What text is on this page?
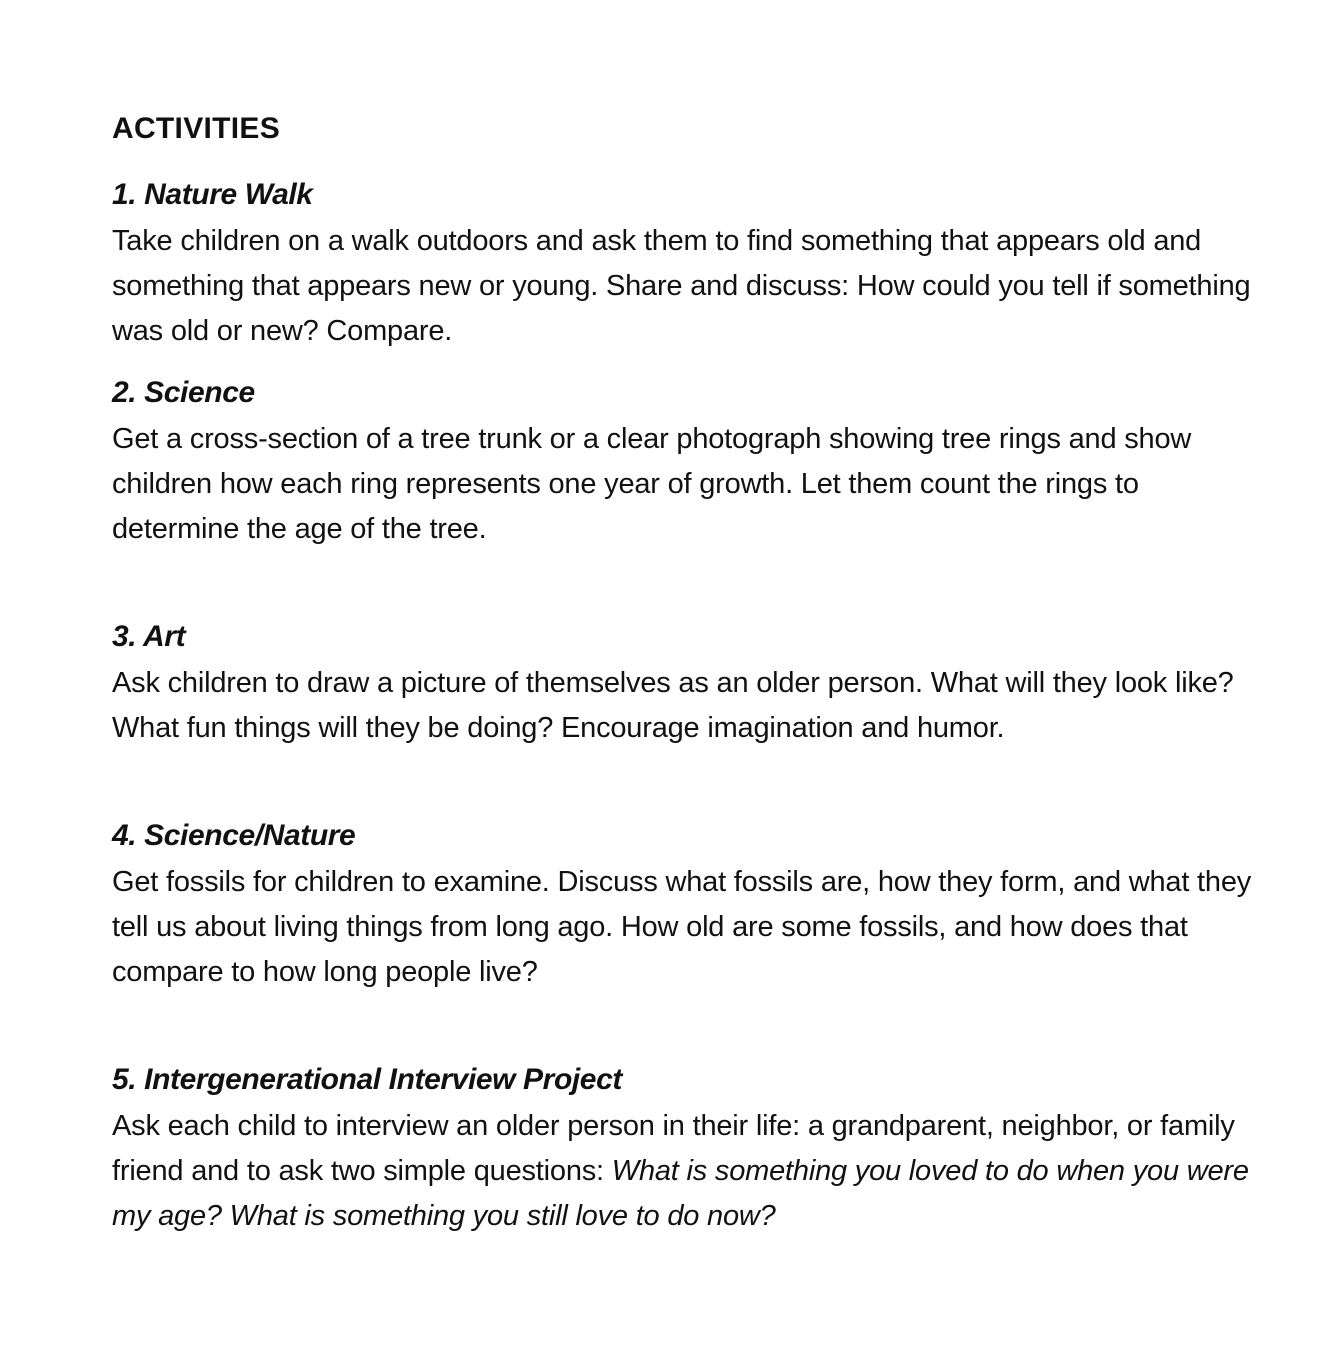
ACTIVITIES
1. Nature Walk

Take children on a walk outdoors and ask them to find something that appears old and something that appears new or young. Share and discuss: How could you tell if something was old or new? Compare.

2. Science

Get a cross-section of a tree trunk or a clear photograph showing tree rings and show children how each ring represents one year of growth. Let them count the rings to determine the age of the tree.

3. Art

Ask children to draw a picture of themselves as an older person. What will they look like? What fun things will they be doing? Encourage imagination and humor.

4. Science/Nature

Get fossils for children to examine. Discuss what fossils are, how they form, and what they tell us about living things from long ago. How old are some fossils, and how does that compare to how long people live?

5. Intergenerational Interview Project

Ask each child to interview an older person in their life: a grandparent, neighbor, or family friend and to ask two simple questions: What is something you loved to do when you were my age? What is something you still love to do now?
